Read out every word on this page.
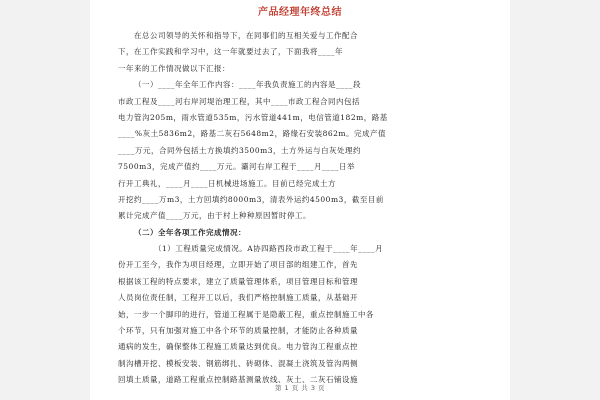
产品经理年终总结
在总公司领导的关怀和指导下，在同事们的互相关爱与工作配合
下，在工作实践和学习中，这一年就要过去了，下面我将____年
一年来的工作情况做以下汇报：
（一）____年全年工作内容：____年我负责施工的内容是____段
市政工程及____河右岸河堤治理工程，其中____市政工程合同内包括
电力管沟205m，雨水管道535m，污水管道441m，电信管道182m，路基
____%灰土5836m2，路基二灰石5648m2，路缘石安装862m。完成产值
____万元，合同外包括土方换填约3500m3，土方外运与白灰处理约
7500m3，完成产值约____万元。灞河右岸工程于____月____日举
行开工典礼，____月____日机械进场施工。目前已经完成土方
开挖约____万m3，土方回填约8000m3，清表外运约4500m3，截至目前
累计完成产值____万元，由于村上种种原因暂时停工。
（二）全年各项工作完成情况：
（1）工程质量完成情况。A协四路西段市政工程于____年____月
份开工至今，我作为项目经理，立即开始了项目部的组建工作，首先
根据该工程的特点要求，建立了质量管理体系，项目管理目标和管理
人员岗位责任制，工程开工以后，我们严格控制施工质量，从基础开
始，一步一个脚印的进行，管道工程属于是隐蔽工程，重点控制施工中各
个环节，只有加强对施工中各个环节的质量控制，才能防止各种质量
通病的发生，确保整体工程施工质量达到优良。电力管沟工程重点控
制沟槽开挖、模板安装、钢筋绑扎、砖砌体、混凝土浇筑及管沟两侧
回填土质量，道路工程重点控制路基测量放线、灰土、二灰石铺设施
第 1 页 共 3 页
